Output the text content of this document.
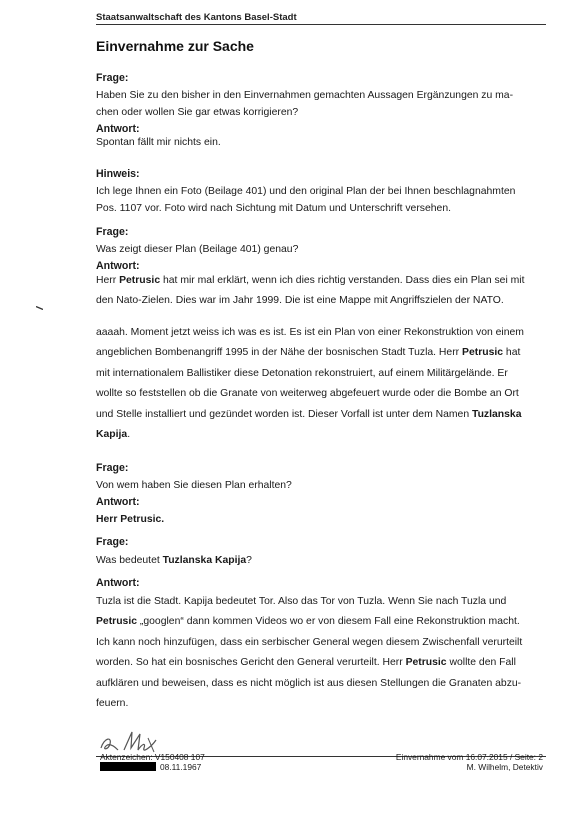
Staatsanwaltschaft des Kantons Basel-Stadt
Einvernahme zur Sache
Frage:
Haben Sie zu den bisher in den Einvernahmen gemachten Aussagen Ergänzungen zu ma-
chen oder wollen Sie gar etwas korrigieren?
Antwort:
Spontan fällt mir nichts ein.
Hinweis:
Ich lege Ihnen ein Foto (Beilage 401) und den original Plan der bei Ihnen beschlagnahmten
Pos. 1107 vor. Foto wird nach Sichtung mit Datum und Unterschrift versehen.
Frage:
Was zeigt dieser Plan (Beilage 401) genau?
Antwort:
Herr Petrusic hat mir mal erklärt, wenn ich dies richtig verstanden. Dass dies ein Plan sei mit
den Nato-Zielen. Dies war im Jahr 1999. Die ist eine Mappe mit Angriffszielen der NATO.
aaaah. Moment jetzt weiss ich was es ist. Es ist ein Plan von einer Rekonstruktion von einem
angeblichen Bombenangriff 1995 in der Nähe der bosnischen Stadt Tuzla. Herr Petrusic hat
mit internationalem Ballistiker diese Detonation rekonstruiert, auf einem Militärgelände. Er
wollte so feststellen ob die Granate von weiterweg abgefeuert wurde oder die Bombe an Ort
und Stelle installiert und gezündet worden ist. Dieser Vorfall ist unter dem Namen Tuzlanska
Kapija.
Frage:
Von wem haben Sie diesen Plan erhalten?
Antwort:
Herr Petrusic.
Frage:
Was bedeutet Tuzlanska Kapija?
Antwort:
Tuzla ist die Stadt. Kapija bedeutet Tor. Also das Tor von Tuzla. Wenn Sie nach Tuzla und
Petrusic „googlen“ dann kommen Videos wo er von diesem Fall eine Rekonstruktion macht.
Ich kann noch hinzufügen, dass ein serbischer General wegen diesem Zwischenfall verurteilt
worden. So hat ein bosnisches Gericht den General verurteilt. Herr Petrusic wollte den Fall
aufklären und beweisen, dass es nicht möglich ist aus diesen Stellungen die Granaten abzu-
feuern.
Aktenzeichen: V150408 107
08.11.1967
Einvernahme vom 16.07.2015 / Seite: 2
M. Wilhelm, Detektiv
